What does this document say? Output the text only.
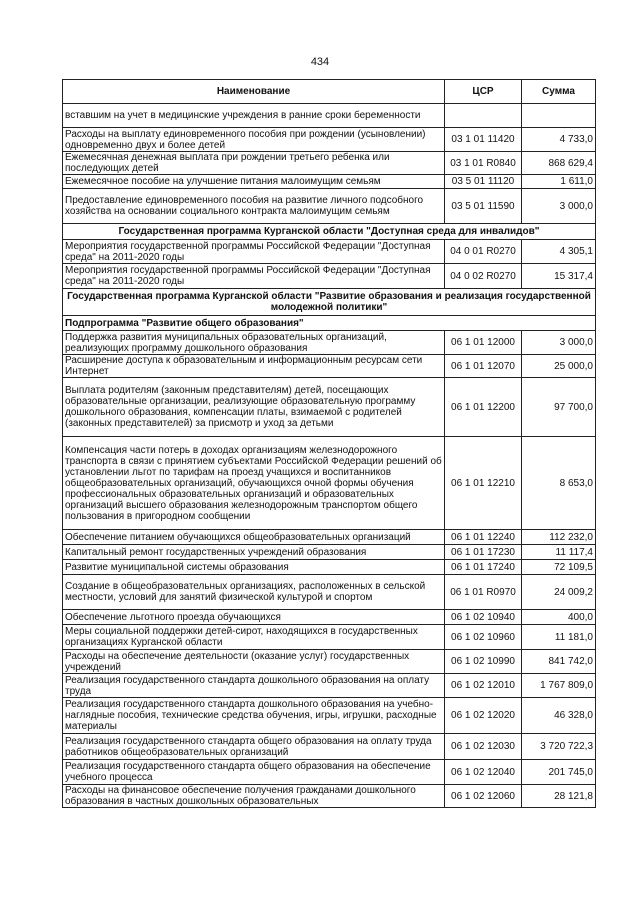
434
Наименование	ЦСР	Сумма
вставшим на учет в медицинские учреждения в ранние сроки беременности		
Расходы на выплату единовременного пособия при рождении (усыновлении) одновременно двух и более детей	03 1 01 11420	4 733,0
Ежемесячная денежная выплата при рождении третьего ребенка или последующих детей	03 1 01 R0840	868 629,4
Ежемесячное пособие на улучшение питания малоимущим семьям	03 5 01 11120	1 611,0
Предоставление единовременного пособия на развитие личного подсобного хозяйства на основании социального контракта малоимущим семьям	03 5 01 11590	3 000,0
Государственная программа Курганской области "Доступная среда для инвалидов"		
Мероприятия государственной программы Российской Федерации "Доступная среда" на 2011-2020 годы	04 0 01 R0270	4 305,1
Мероприятия государственной программы Российской Федерации "Доступная среда" на 2011-2020 годы	04 0 02 R0270	15 317,4
Государственная программа Курганской области "Развитие образования и реализация государственной молодежной политики"		
Подпрограмма "Развитие общего образования"		
Поддержка развития муниципальных образовательных организаций, реализующих программу дошкольного образования	06 1 01 12000	3 000,0
Расширение доступа к образовательным и информационным ресурсам сети Интернет	06 1 01 12070	25 000,0
Выплата родителям (законным представителям) детей, посещающих образовательные организации, реализующие образовательную программу дошкольного образования, компенсации платы, взимаемой с родителей (законных представителей) за присмотр и уход за детьми	06 1 01 12200	97 700,0
Компенсация части потерь в доходах организациям железнодорожного транспорта в связи с принятием субъектами Российской Федерации решений об установлении льгот по тарифам на проезд учащихся и воспитанников общеобразовательных организаций, обучающихся очной формы обучения профессиональных образовательных организаций и образовательных организаций высшего образования железнодорожным транспортом общего пользования в пригородном сообщении	06 1 01 12210	8 653,0
Обеспечение питанием обучающихся общеобразовательных организаций	06 1 01 12240	112 232,0
Капитальный ремонт государственных учреждений образования	06 1 01 17230	11 117,4
Развитие муниципальной системы образования	06 1 01 17240	72 109,5
Создание в общеобразовательных организациях, расположенных в сельской местности, условий для занятий физической культурой и спортом	06 1 01 R0970	24 009,2
Обеспечение льготного проезда обучающихся	06 1 02 10940	400,0
Меры социальной поддержки детей-сирот, находящихся в государственных организациях Курганской области	06 1 02 10960	11 181,0
Расходы на обеспечение деятельности (оказание услуг) государственных учреждений	06 1 02 10990	841 742,0
Реализация государственного стандарта дошкольного образования на оплату труда	06 1 02 12010	1 767 809,0
Реализация государственного стандарта дошкольного образования на учебно-наглядные пособия, технические средства обучения, игры, игрушки, расходные материалы	06 1 02 12020	46 328,0
Реализация государственного стандарта общего образования на оплату труда работников общеобразовательных организаций	06 1 02 12030	3 720 722,3
Реализация государственного стандарта общего образования на обеспечение учебного процесса	06 1 02 12040	201 745,0
Расходы на финансовое обеспечение получения гражданами дошкольного образования в частных дошкольных образовательных	06 1 02 12060	28 121,8
